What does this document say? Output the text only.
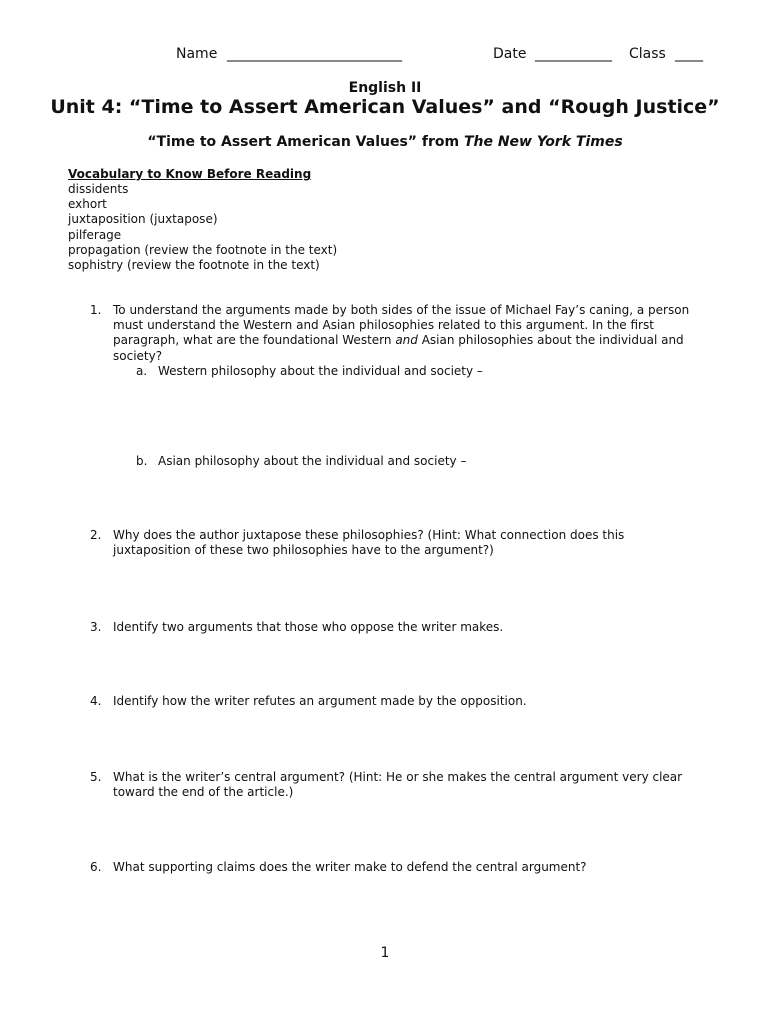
Name _________________________	Date ___________ Class ____
English II
Unit 4: “Time to Assert American Values” and “Rough Justice”
“Time to Assert American Values” from The New York Times
Vocabulary to Know Before Reading
dissidents
exhort
juxtaposition (juxtapose)
pilferage
propagation (review the footnote in the text)
sophistry (review the footnote in the text)
1. To understand the arguments made by both sides of the issue of Michael Fay’s caning, a person must understand the Western and Asian philosophies related to this argument. In the first paragraph, what are the foundational Western and Asian philosophies about the individual and society?
a. Western philosophy about the individual and society –
b. Asian philosophy about the individual and society –
2. Why does the author juxtapose these philosophies? (Hint: What connection does this juxtaposition of these two philosophies have to the argument?)
3. Identify two arguments that those who oppose the writer makes.
4. Identify how the writer refutes an argument made by the opposition.
5. What is the writer’s central argument? (Hint: He or she makes the central argument very clear toward the end of the article.)
6. What supporting claims does the writer make to defend the central argument?
1
